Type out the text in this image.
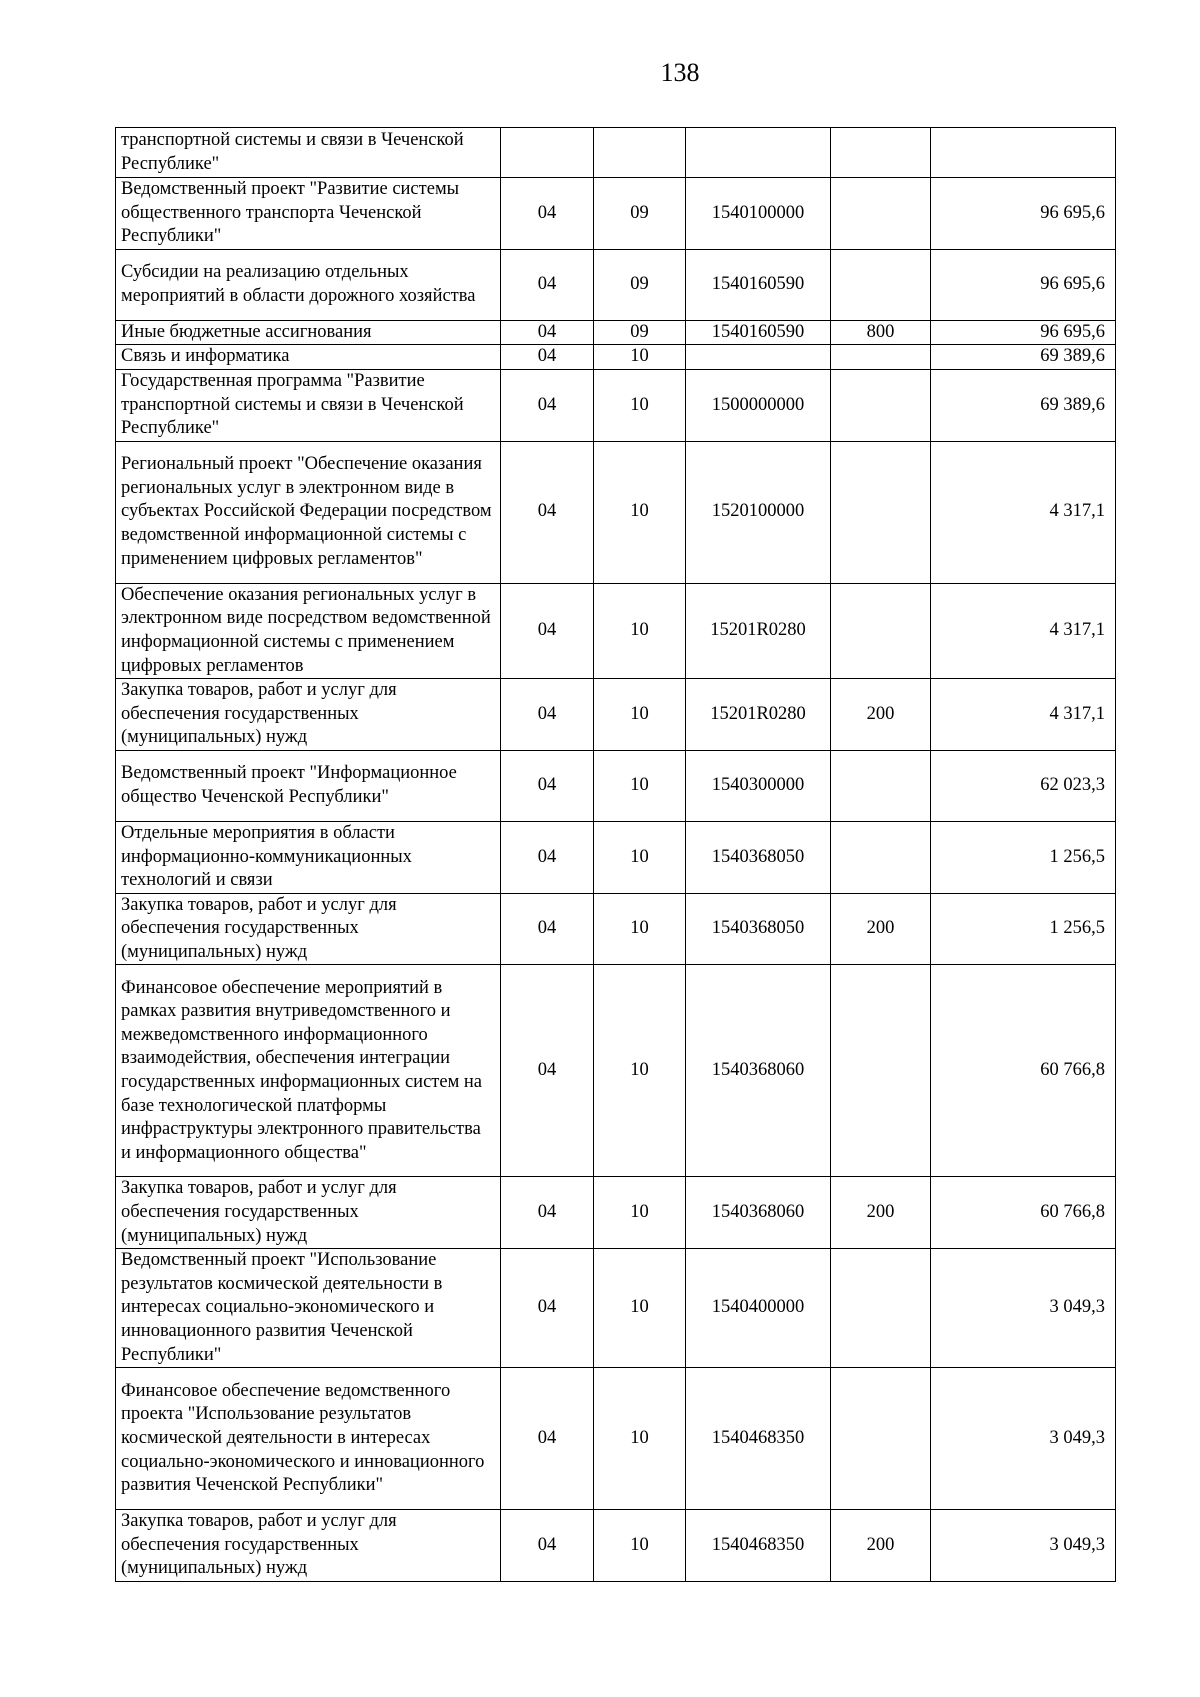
138
транспортной системы и связи в Чеченской Республике"					
Ведомственный проект "Развитие системы общественного транспорта Чеченской Республики"	04	09	1540100000		96 695,6
Субсидии на реализацию отдельных мероприятий в области дорожного хозяйства	04	09	1540160590		96 695,6
Иные бюджетные ассигнования	04	09	1540160590	800	96 695,6
Связь и информатика	04	10			69 389,6
Государственная программа "Развитие транспортной системы и связи в Чеченской Республике"	04	10	1500000000		69 389,6
Региональный проект "Обеспечение оказания региональных услуг в электронном виде в субъектах Российской Федерации посредством ведомственной информационной системы с применением цифровых регламентов"	04	10	1520100000		4 317,1
Обеспечение оказания региональных услуг в электронном виде посредством ведомственной информационной системы с применением цифровых регламентов	04	10	15201R0280		4 317,1
Закупка товаров, работ и услуг для обеспечения государственных (муниципальных) нужд	04	10	15201R0280	200	4 317,1
Ведомственный проект "Информационное общество Чеченской Республики"	04	10	1540300000		62 023,3
Отдельные мероприятия в области информационно-коммуникационных технологий и связи	04	10	1540368050		1 256,5
Закупка товаров, работ и услуг для обеспечения государственных (муниципальных) нужд	04	10	1540368050	200	1 256,5
Финансовое обеспечение мероприятий в рамках развития внутриведомственного и межведомственного информационного взаимодействия, обеспечения интеграции государственных информационных систем на базе технологической платформы инфраструктуры электронного правительства и информационного общества"	04	10	1540368060		60 766,8
Закупка товаров, работ и услуг для обеспечения государственных (муниципальных) нужд	04	10	1540368060	200	60 766,8
Ведомственный проект "Использование результатов космической деятельности в интересах социально-экономического и инновационного развития Чеченской Республики"	04	10	1540400000		3 049,3
Финансовое обеспечение ведомственного проекта "Использование результатов космической деятельности в интересах социально-экономического и инновационного развития Чеченской Республики"	04	10	1540468350		3 049,3
Закупка товаров, работ и услуг для обеспечения государственных (муниципальных) нужд	04	10	1540468350	200	3 049,3
